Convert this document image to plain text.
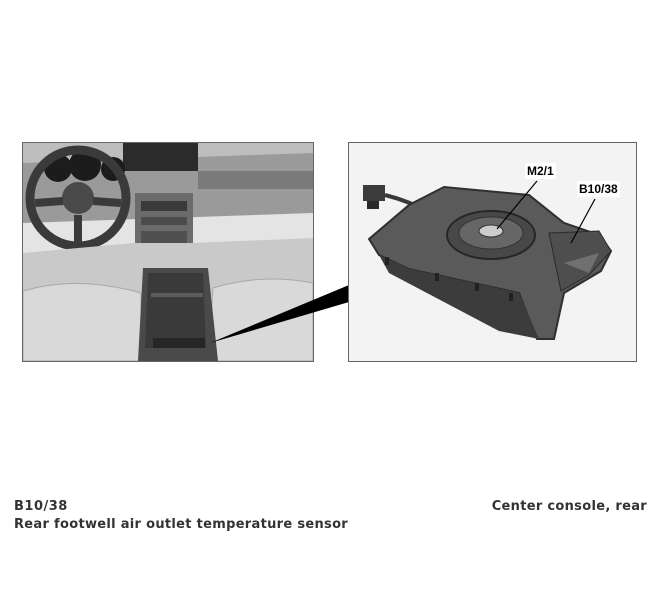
M2/1
B10/38
B10/38
Rear footwell air outlet temperature sensor
Center console, rear
